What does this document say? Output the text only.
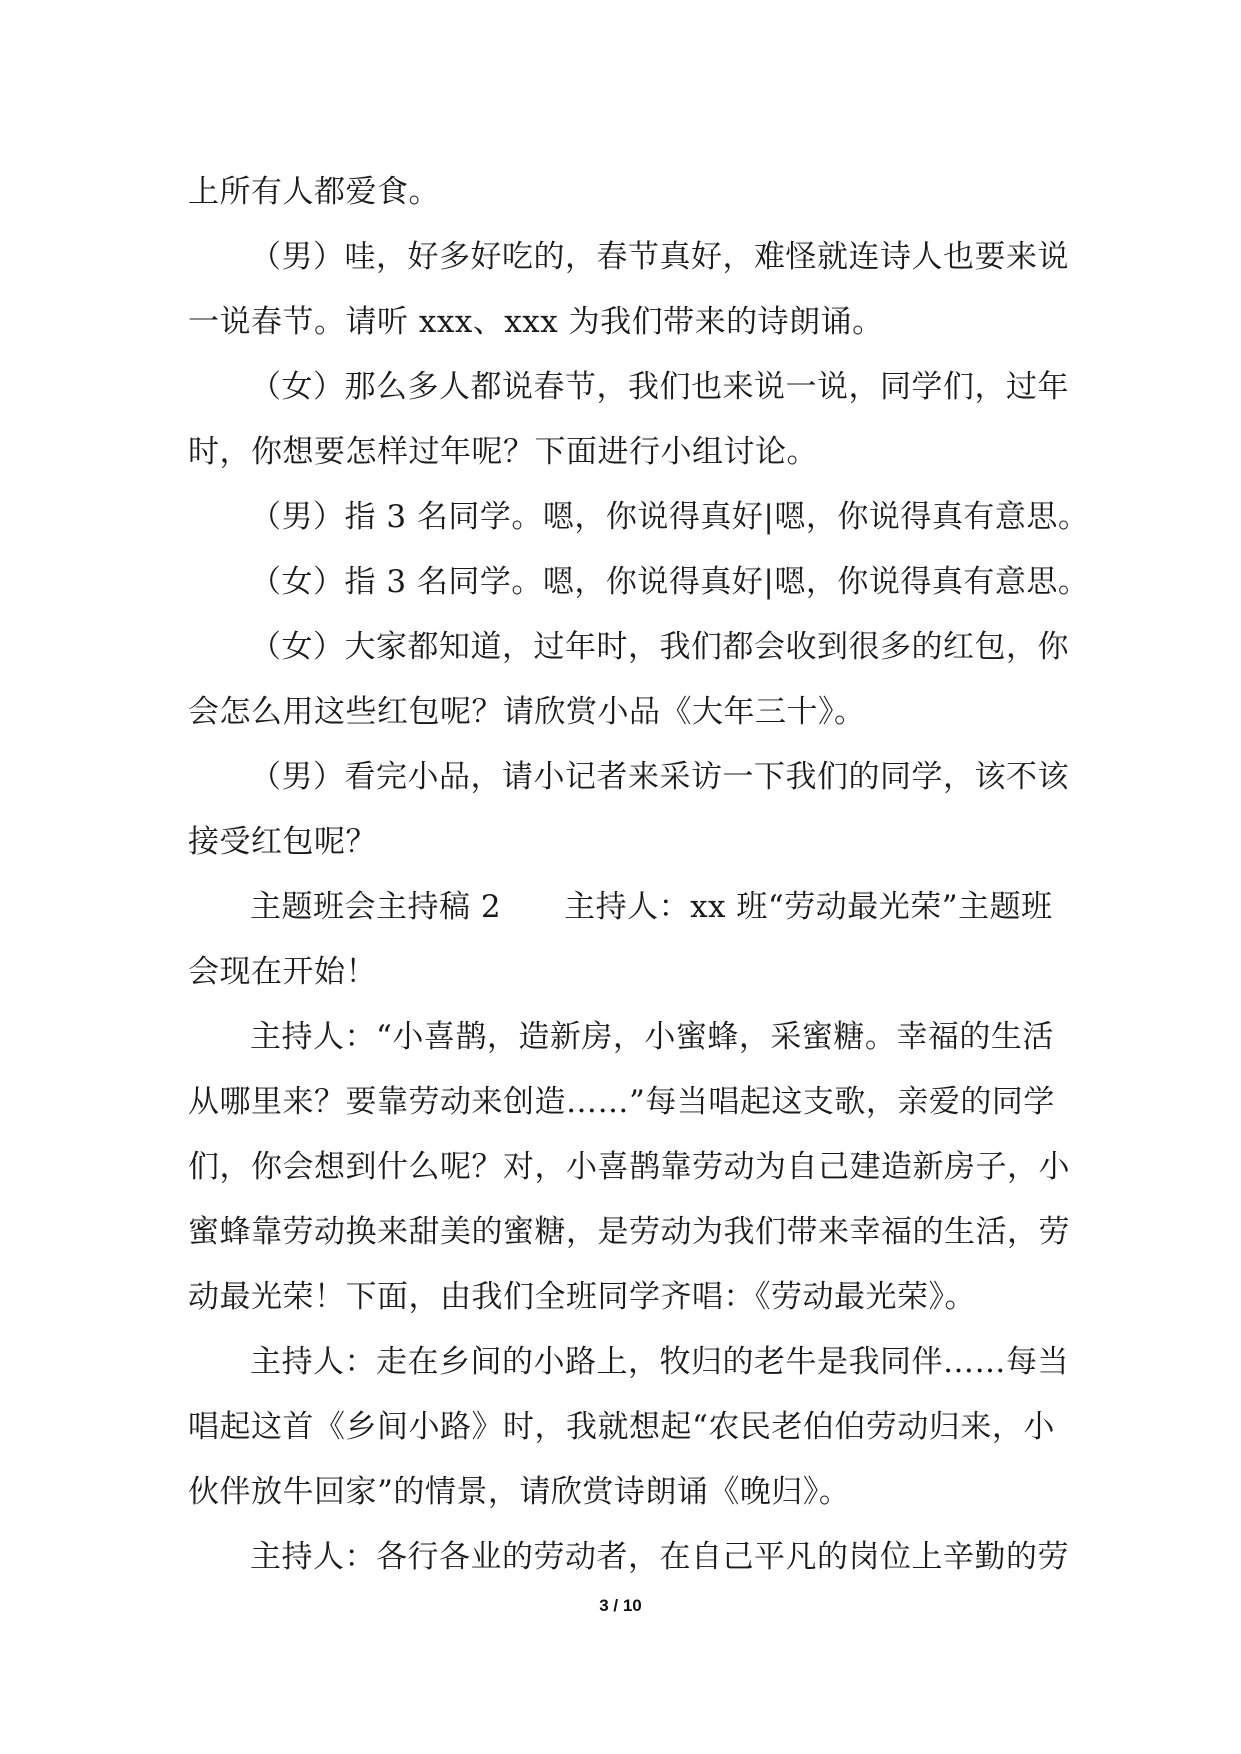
上所有人都爱食。
（男）哇，好多好吃的，春节真好，难怪就连诗人也要来说
一说春节。请听 xxx、xxx 为我们带来的诗朗诵。
（女）那么多人都说春节，我们也来说一说，同学们，过年
时，你想要怎样过年呢？下面进行小组讨论。
（男）指 3 名同学。嗯，你说得真好|嗯，你说得真有意思。
（女）指 3 名同学。嗯，你说得真好|嗯，你说得真有意思。
（女）大家都知道，过年时，我们都会收到很多的红包，你
会怎么用这些红包呢？请欣赏小品《大年三十》。
（男）看完小品，请小记者来采访一下我们的同学，该不该
接受红包呢？
主题班会主持稿 2　　主持人：xx 班“劳动最光荣”主题班
会现在开始！
主持人：“小喜鹊，造新房，小蜜蜂，采蜜糖。幸福的生活
从哪里来？要靠劳动来创造……”每当唱起这支歌，亲爱的同学
们，你会想到什么呢？对，小喜鹊靠劳动为自己建造新房子，小
蜜蜂靠劳动换来甜美的蜜糖，是劳动为我们带来幸福的生活，劳
动最光荣！下面，由我们全班同学齐唱：《劳动最光荣》。
主持人：走在乡间的小路上，牧归的老牛是我同伴……每当
唱起这首《乡间小路》时，我就想起“农民老伯伯劳动归来，小
伙伴放牛回家”的情景，请欣赏诗朗诵《晚归》。
主持人：各行各业的劳动者，在自己平凡的岗位上辛勤的劳
3 / 10
